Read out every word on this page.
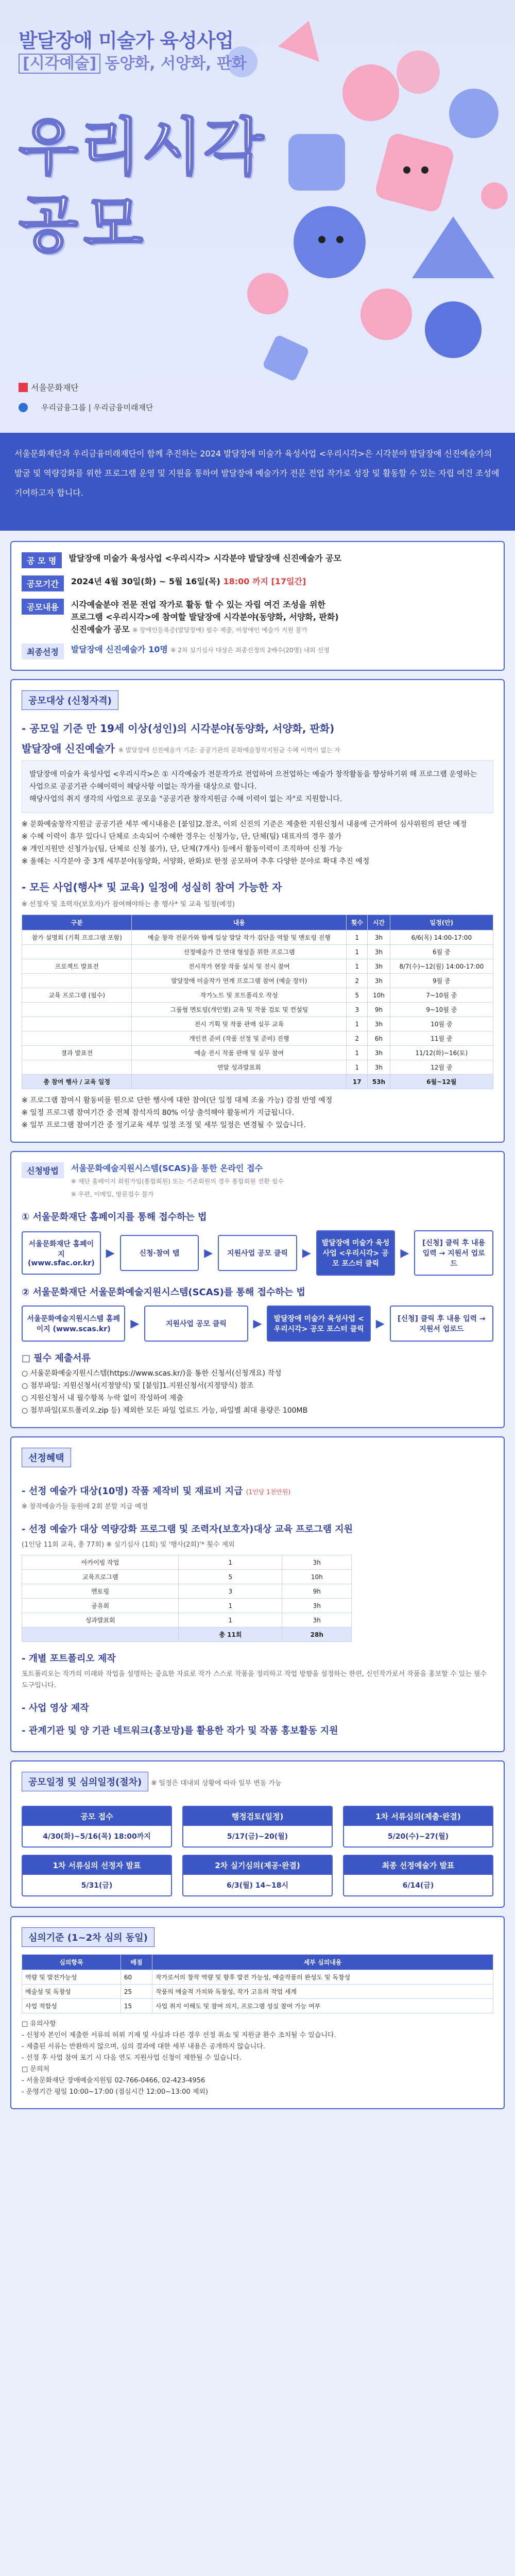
발달장애 미술가 육성사업
[시각예술] 동양화, 서양화, 판화
우리시각
공모
서울문화재단
우리금융그룹 | 우리금융미래재단
서울문화재단과 우리금융미래재단이 함께 추진하는 2024 발달장애 미술가 육성사업 <우리시각>은 시각분야 발달장애 신진예술가의 발굴 및 역량강화를 위한 프로그램 운영 및 지원을 통하여 발달장애 예술가가 전문 전업 작가로 성장 및 활동할 수 있는 자립 여건 조성에 기여하고자 합니다.
공 모 명	발달장애 미술가 육성사업 <우리시각> 시각분야 발달장애 신진예술가 공모
공모기간	2024년 4월 30일(화) ~ 5월 16일(목) 18:00 까지 [17일간]
공모내용	시각예술분야 전문 전업 작가로 활동 할 수 있는 자립 여건 조성을 위한
프로그램 <우리시각>에 참여할 발달장애 시각분야(동양화, 서양화, 판화)
신진예술가 공모 ※ 장애인등록증(발달장애) 필수 제출, 비장애인 예술가 지원 불가
최종선정	발달장애 신진예술가 10명 ※ 2차 실기심사 대상은 최종선정의 2배수(20명) 내외 선정
공모대상 (신청자격)
- 공모일 기준 만 19세 이상(성인)의 시각분야(동양화, 서양화, 판화)
발달장애 신진예술가 ※ 발달장애 신진예술가 기준: 공공기관의 문화예술창작지원금 수혜 이력이 없는 자
발달장애 미술가 육성사업 <우리시각>은 ① 시각예술가 전문작가로 전업하여 으전업하는 예술가 창작활동을 향상하기위 해 프로그램 운영하는 사업으로 공공기관 수혜이력이 해당사항 이없는 작가를 대상으로 합니다.
해당사업의 취지 생각의 사업으로 공모을 "공공기관 창작지원금 수혜 이력이 없는 자"로 지원합니다.
※ 문화예술창작지원금 공공기관 세부 예시내용은 [붙임]2.참조, 이외 신진의 기준은 제출한 지원신청서 내용에 근거하여 심사위원의 판단 예정
※ 수혜 이력이 휴무 있다니 단체로 소속되어 수혜한 경우는 신청가능, 단, 단체(팀) 대표자의 경우 불가
※ 개인지원만 신청가능(팀, 단체로 신청 불가), 단, 단체(7개사) 등에서 활동이력이 조직하여 신청 가능
※ 올해는 시각분야 중 3개 세부분야(동양화, 서양화, 판화)로 한정 공모하며 추후 다양한 분야로 확대 추진 예정
- 모든 사업(행사* 및 교육) 일정에 성실히 참여 가능한 자
※ 선정자 및 조력자(보호자)가 참여해야하는 총 행사* 및 교육 일정(예정)
구분	내용	횟수	시간	일정(안)
참가 설명회 (기획 프로그램 포함)	예술 창작 전문가와 함께 일상 발달 작가 집단을 역할 및 멘토링 진행	1	3h	6/6(목) 14:00-17:00
	선정예술가 간 연대 형성을 위한 프로그램	1	3h	6월 중
프로젝트 발표전	전시작가 현장 작품 설치 및 전시 참여	1	3h	8/7(수)~12(월) 14:00-17:00
	발달장애 미술작가 연계 프로그램 참여 (예술 장터)	2	3h	9월 중
교육 프로그램 (필수)	작가노트 및 포트폴리오 작성	5	10h	7~10월 중
	그룹형 멘토링(개인별) 교육 및 작품 검토 및 컨설팅	3	9h	9~10월 중
	전시 기획 및 작품 판매 실무 교육	1	3h	10월 중
	개인전 준비 (작품 선정 및 준비) 진행	2	6h	11월 중
결과 발표전	예술 전시 작품 판매 및 실무 참여	1	3h	11/12(화)~16(토)
	연말 성과발표회	1	3h	12월 중
총 참여 행사 / 교육 일정		17	53h	6월~12월
※ 프로그램 참여시 활동비를 원으로 단한 행사에 대한 참여(단 일정 대체 조율 가능) 감점 반영 예정
※ 일정 프로그램 참여기간 중 전체 참석자의 80% 이상 출석해야 활동비가 지급됩니다.
※ 일부 프로그램 참여기간 중 정기교육 세부 일정 조정 및 세부 일정은 변경될 수 있습니다.
신청방법	서울문화예술지원시스템(SCAS)을 통한 온라인 접수
※ 재단 홈페이지 회원가입(통합회원) 또는 기존회원의 경우 통합회원 전환 필수
※ 우편, 이메일, 방문접수 불가
① 서울문화재단 홈페이지를 통해 접수하는 법
서울문화재단 홈페이지 (www.sfac.or.kr)
▶	신청·참여 탭	▶	지원사업 공모 클릭	▶
발달장애 미술가 육성사업 <우리시각> 공모 포스터 클릭
▶
[신청] 클릭 후 내용 입력 → 지원서 업로드
② 서울문화재단 서울문화예술지원시스템(SCAS)를 통해 접수하는 법
서울문화예술지원시스템 홈페이지 (www.scas.kr)	▶	지원사업 공모 클릭	▶	발달장애 미술가 육성사업 <우리시각> 공모 포스터 클릭	▶	[신청] 클릭 후 내용 입력 → 지원서 업로드
□ 필수 제출서류
○ 서울문화예술지원시스템(https://www.scas.kr/)을 통한 신청서(신청개요) 작성
○ 첨부파일: 지원신청서(지정양식) 및 [붙임]1.지원신청서(지정양식) 참조
○ 지원신청서 내 필수항목 누락 없이 작성하여 제출
○ 첨부파일(포트폴리오.zip 등) 제외한 모든 파일 업로드 가능, 파일별 최대 용량은 100MB
선정혜택
- 선정 예술가 대상(10명) 작품 제작비 및 재료비 지급 (1인당 1천만원)
※ 창작예술가들 동원에 2회 분할 지급 예정
- 선정 예술가 대상 역량강화 프로그램 및 조력자(보호자)대상 교육 프로그램 지원
(1인당 11회 교육, 총 77회) ※ 실기심사 (1회) 및 '행사(2회)'* 횟수 제외
아카이빙 작업	1	3h
교육프로그램	5	10h
멘토링	3	9h
공유회	1	3h
성과발표회	1	3h
	총 11회	28h
- 개별 포트폴리오 제작
포트폴리오는 작가의 미래와 작업을 설명하는 중요한 자료로 작가 스스로 작품을 정리하고 작업 방향을 설정하는 한편, 신인작가로서 작품을 홍보할 수 있는 필수 도구입니다.
- 사업 영상 제작
- 관계기관 및 양 기관 네트워크(홍보망)를 활용한 작가 및 작품 홍보활동 지원
공모일정 및 심의일정(절차) ※ 일정은 대내외 상황에 따라 일부 변동 가능
공모 접수
4/30(화)~5/16(목) 18:00까지
행정검토(일정)
5/17(금)~20(월)
1차 서류심의(제출·완결)
5/20(수)~27(월)
1차 서류심의 선정자 발표
5/31(금)
2차 실기심의(제공·완결)
6/3(월) 14~18시
최종 선정예술가 발표
6/14(금)
심의기준 (1~2차 심의 동일)
심의항목	배점	세부 심의내용
역량 및 발전가능성	60	작가로서의 창작 역량 및 향후 발전 가능성, 예술작품의 완성도 및 독창성
예술성 및 독창성	25	작품의 예술적 가치와 독창성, 작가 고유의 작업 세계
사업 적합성	15	사업 취지 이해도 및 참여 의지, 프로그램 성실 참여 가능 여부
□ 유의사항
- 신청자 본인이 제출한 서류의 허위 기재 및 사실과 다른 경우 선정 취소 및 지원금 환수 조치될 수 있습니다.
- 제출된 서류는 반환하지 않으며, 심의 결과에 대한 세부 내용은 공개하지 않습니다.
- 선정 후 사업 참여 포기 시 다음 연도 지원사업 신청이 제한될 수 있습니다.
□ 문의처
- 서울문화재단 장애예술지원팀 02-766-0466, 02-423-4956
- 운영기간 평일 10:00~17:00 (점심시간 12:00~13:00 제외)
